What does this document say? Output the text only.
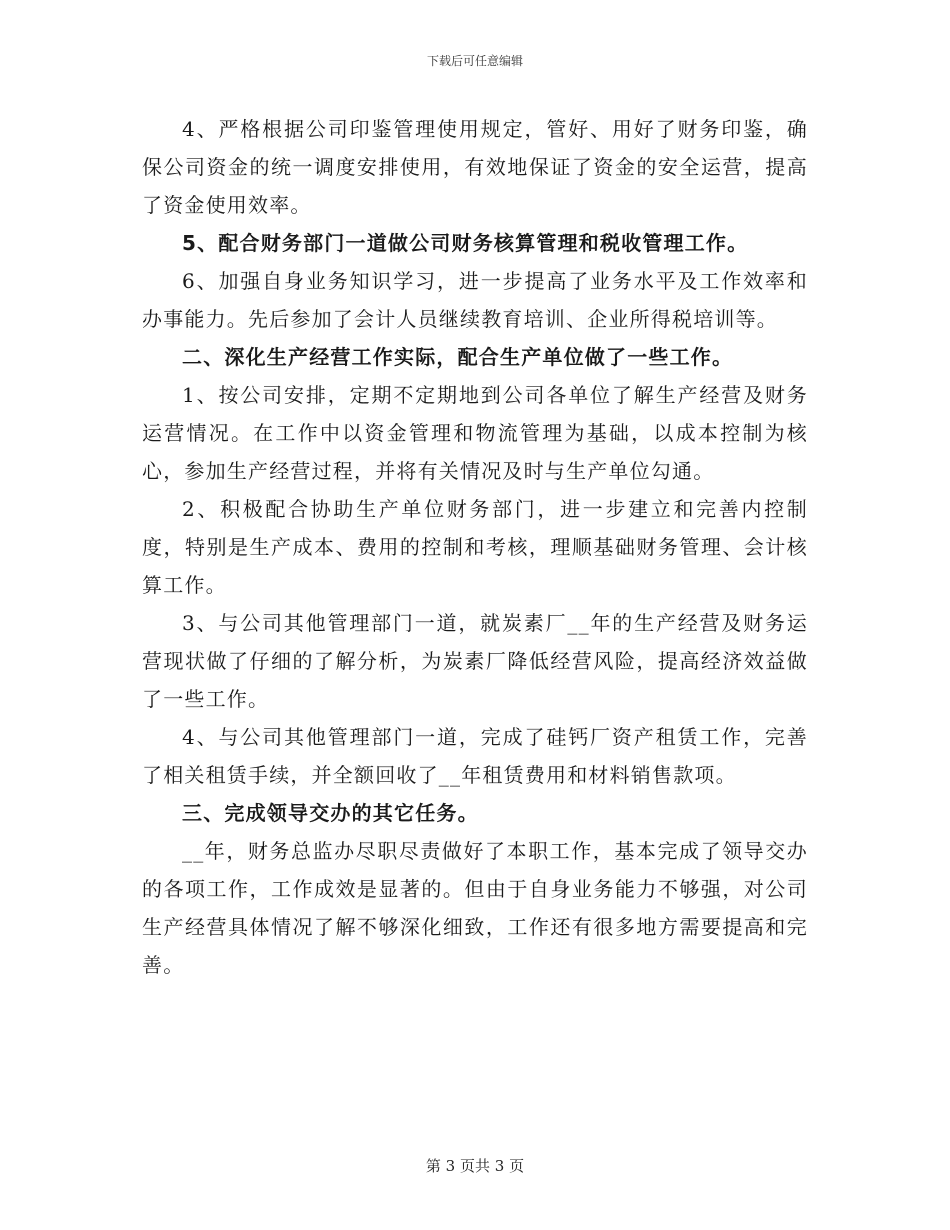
下载后可任意编辑

4、严格根据公司印鉴管理使用规定，管好、用好了财务印鉴，确保公司资金的统一调度安排使用，有效地保证了资金的安全运营，提高了资金使用效率。

5、配合财务部门一道做公司财务核算管理和税收管理工作。

6、加强自身业务知识学习，进一步提高了业务水平及工作效率和办事能力。先后参加了会计人员继续教育培训、企业所得税培训等。

二、深化生产经营工作实际，配合生产单位做了一些工作。

1、按公司安排，定期不定期地到公司各单位了解生产经营及财务运营情况。在工作中以资金管理和物流管理为基础，以成本控制为核心，参加生产经营过程，并将有关情况及时与生产单位勾通。

2、积极配合协助生产单位财务部门，进一步建立和完善内控制度，特别是生产成本、费用的控制和考核，理顺基础财务管理、会计核算工作。

3、与公司其他管理部门一道，就炭素厂__年的生产经营及财务运营现状做了仔细的了解分析，为炭素厂降低经营风险，提高经济效益做了一些工作。

4、与公司其他管理部门一道，完成了硅钙厂资产租赁工作，完善了相关租赁手续，并全额回收了__年租赁费用和材料销售款项。

三、完成领导交办的其它任务。

__年，财务总监办尽职尽责做好了本职工作，基本完成了领导交办的各项工作，工作成效是显著的。但由于自身业务能力不够强，对公司生产经营具体情况了解不够深化细致，工作还有很多地方需要提高和完善。

第 3 页共 3 页
